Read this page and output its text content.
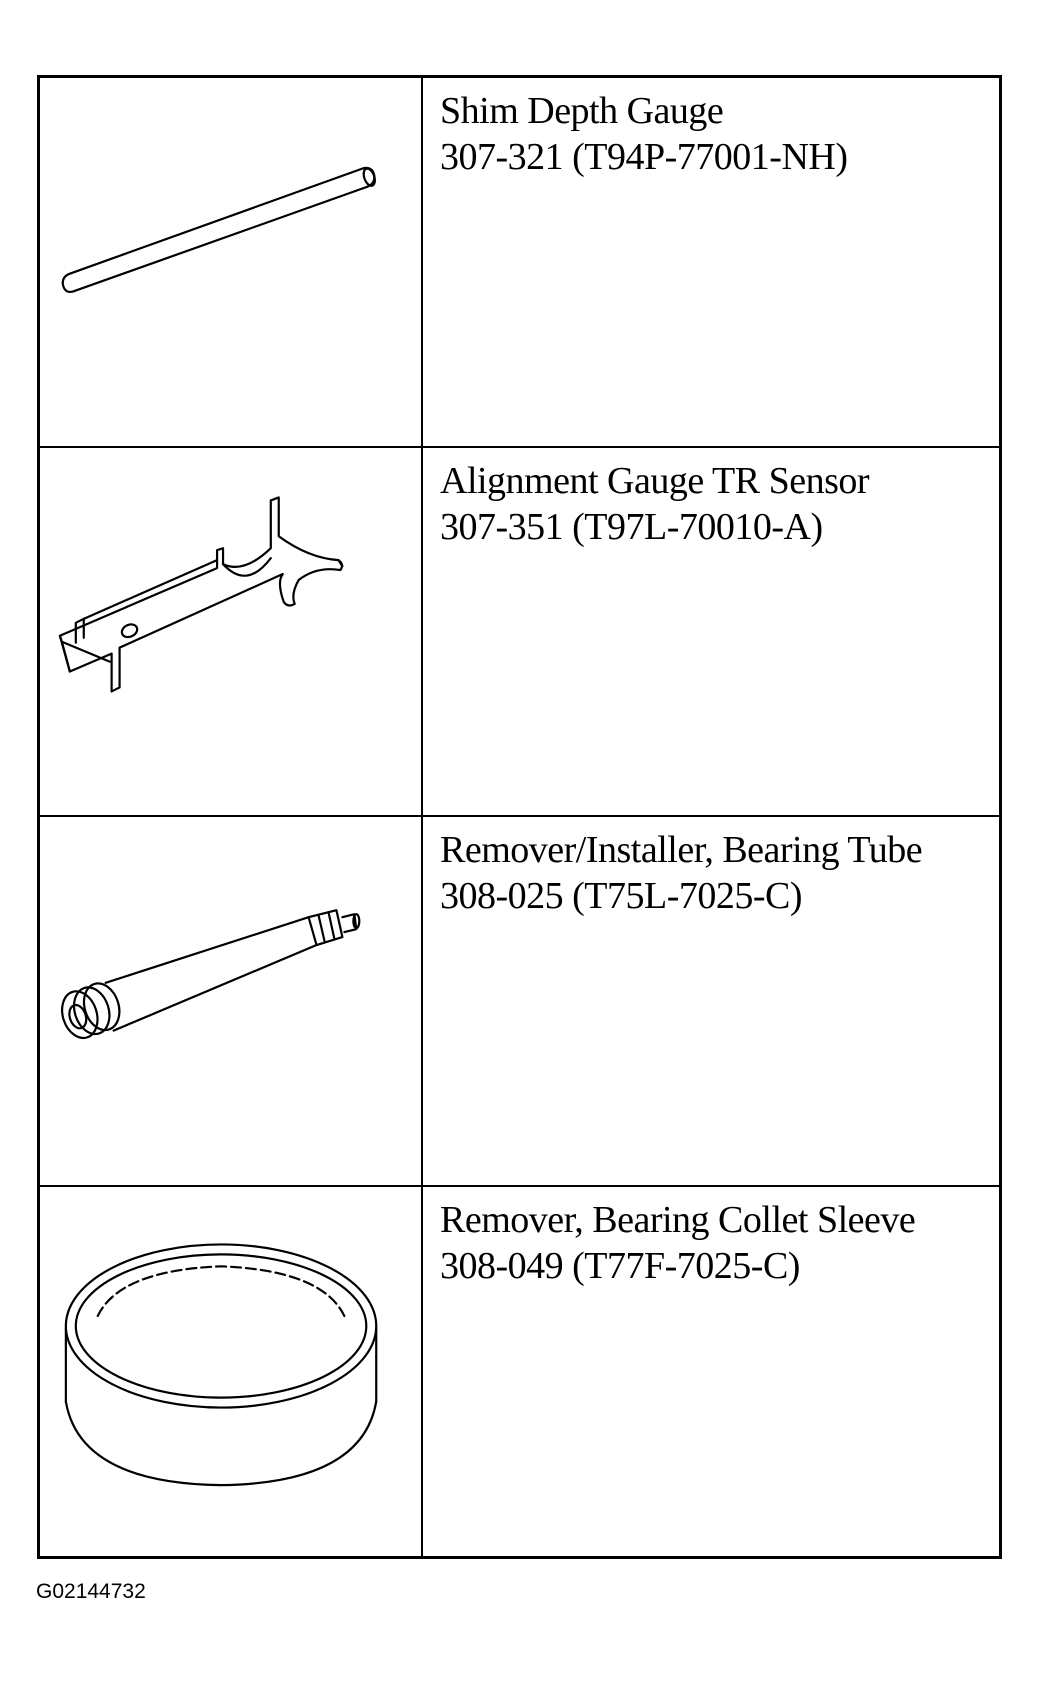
Shim Depth Gauge
307-321 (T94P-77001-NH)
Alignment Gauge TR Sensor
307-351 (T97L-70010-A)
Remover/Installer, Bearing Tube
308-025 (T75L-7025-C)
Remover, Bearing Collet Sleeve
308-049 (T77F-7025-C)
G02144732
